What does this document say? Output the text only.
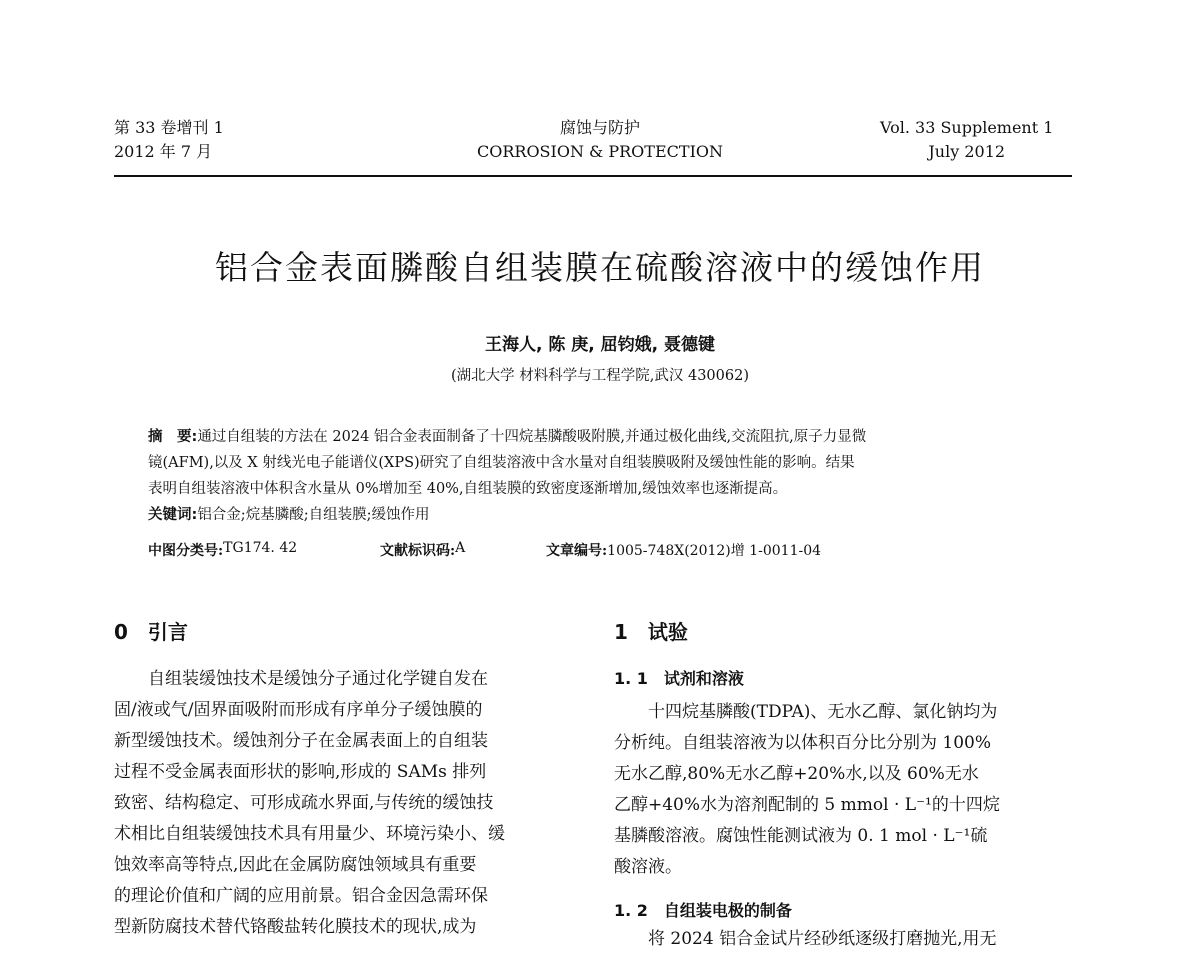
第 33 卷增刊 1
2012 年 7 月
腐蚀与防护
CORROSION & PROTECTION
Vol. 33 Supplement 1
July 2012
铝合金表面膦酸自组装膜在硫酸溶液中的缓蚀作用
王海人, 陈 庚, 屈钧娥, 聂德键
(湖北大学 材料科学与工程学院,武汉 430062)
摘　要:通过自组装的方法在 2024 铝合金表面制备了十四烷基膦酸吸附膜,并通过极化曲线,交流阻抗,原子力显微
镜(AFM),以及 X 射线光电子能谱仪(XPS)研究了自组装溶液中含水量对自组装膜吸附及缓蚀性能的影响。结果
表明自组装溶液中体积含水量从 0%增加至 40%,自组装膜的致密度逐渐增加,缓蚀效率也逐渐提高。
关键词:铝合金;烷基膦酸;自组装膜;缓蚀作用
中图分类号: TG174. 42	文献标识码: A	文章编号: 1005-748X(2012)增 1-0011-04
0　引言

　　自组装缓蚀技术是缓蚀分子通过化学键自发在

固/液或气/固界面吸附而形成有序单分子缓蚀膜的

新型缓蚀技术。缓蚀剂分子在金属表面上的自组装

过程不受金属表面形状的影响,形成的 SAMs 排列

致密、结构稳定、可形成疏水界面,与传统的缓蚀技

术相比自组装缓蚀技术具有用量少、环境污染小、缓

蚀效率高等特点,因此在金属防腐蚀领域具有重要

的理论价值和广阔的应用前景。铝合金因急需环保

型新防腐技术替代铬酸盐转化膜技术的现状,成为

1　试验
1. 1　试剂和溶液

　　十四烷基膦酸(TDPA)、无水乙醇、氯化钠均为

分析纯。自组装溶液为以体积百分比分别为 100%

无水乙醇,80%无水乙醇+20%水,以及 60%无水

乙醇+40%水为溶剂配制的 5 mmol · L⁻¹的十四烷

基膦酸溶液。腐蚀性能测试液为 0. 1 mol · L⁻¹硫

酸溶液。

1. 2　自组装电极的制备

　　将 2024 铝合金试片经砂纸逐级打磨抛光,用无
